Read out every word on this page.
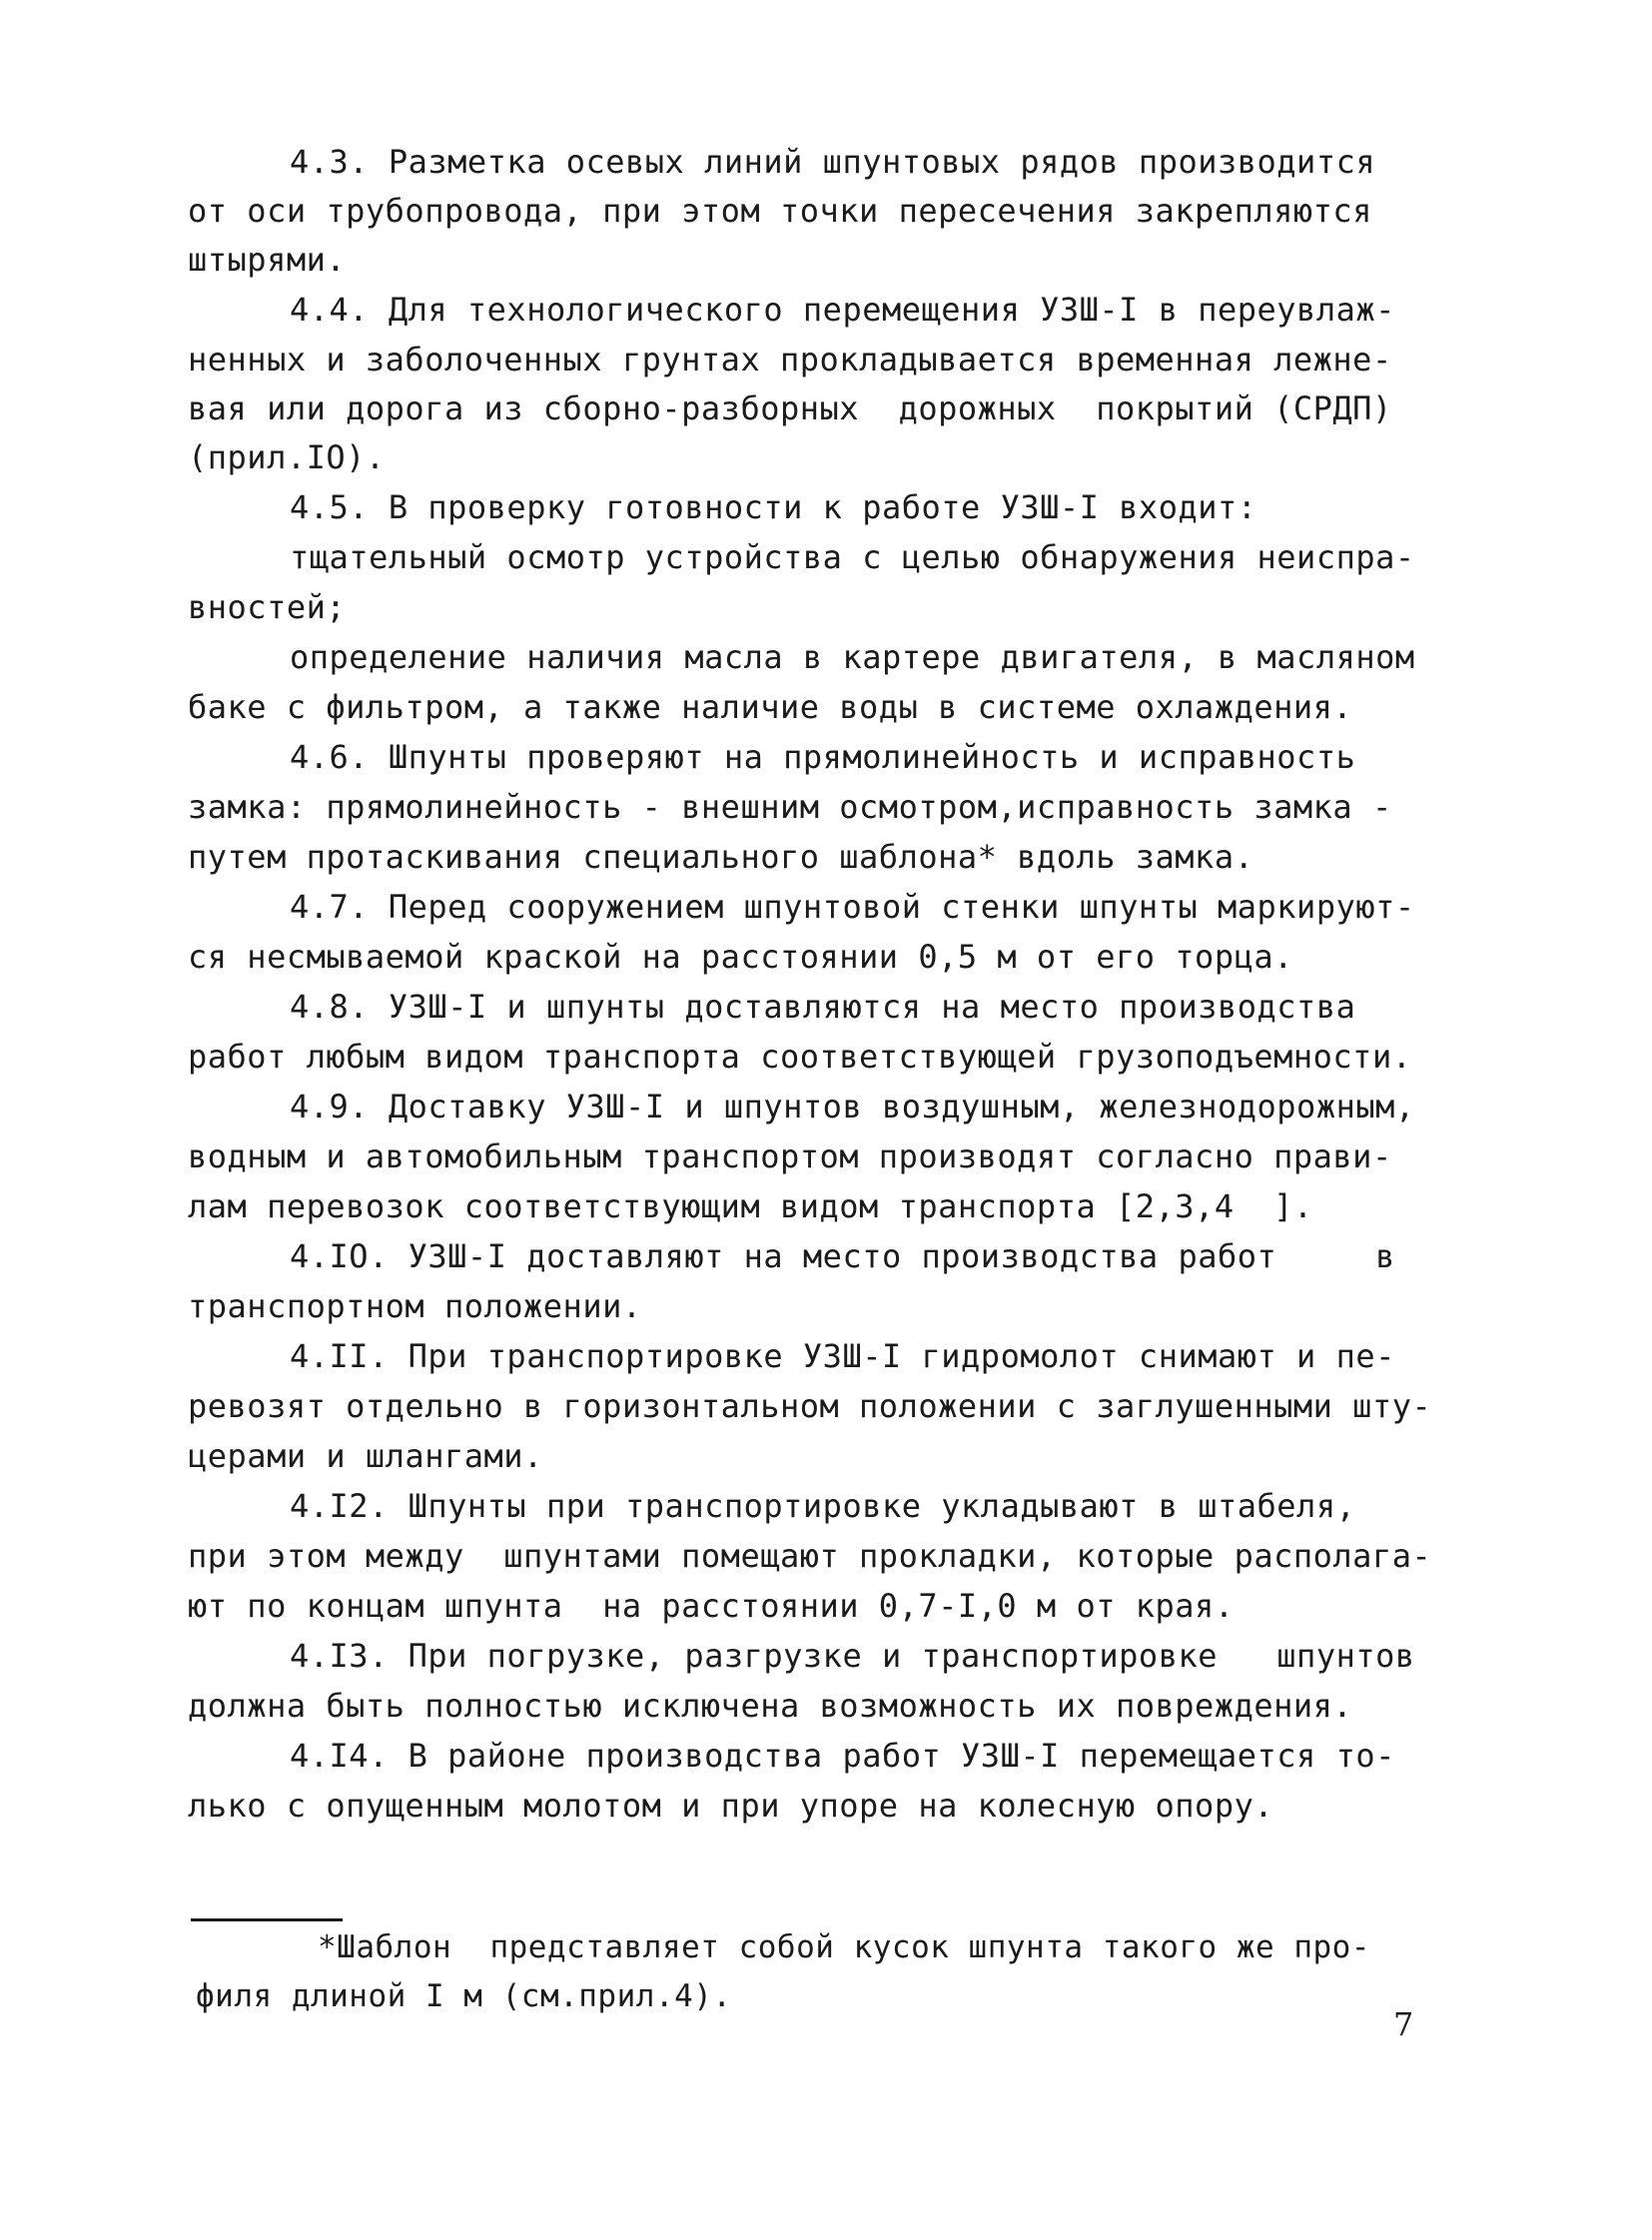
4.3. Разметка осевых линий шпунтовых рядов производится
от оси трубопровода, при этом точки пересечения закрепляются
штырями.
4.4. Для технологического перемещения УЗШ-I в переувлаж-
ненных и заболоченных грунтах прокладывается временная лежне-
вая или дорога из сборно-разборных  дорожных  покрытий (СРДП)
(прил.IO).
4.5. В проверку готовности к работе УЗШ-I входит:
тщательный осмотр устройства с целью обнаружения неиспра-
вностей;
определение наличия масла в картере двигателя, в масляном
баке с фильтром, а также наличие воды в системе охлаждения.
4.6. Шпунты проверяют на прямолинейность и исправность
замка: прямолинейность - внешним осмотром,исправность замка -
путем протаскивания специального шаблона* вдоль замка.
4.7. Перед сооружением шпунтовой стенки шпунты маркируют-
ся несмываемой краской на расстоянии 0,5 м от его торца.
4.8. УЗШ-I и шпунты доставляются на место производства
работ любым видом транспорта соответствующей грузоподъемности.
4.9. Доставку УЗШ-I и шпунтов воздушным, железнодорожным,
водным и автомобильным транспортом производят согласно прави-
лам перевозок соответствующим видом транспорта [2,3,4  ].
4.IO. УЗШ-I доставляют на место производства работ     в
транспортном положении.
4.II. При транспортировке УЗШ-I гидромолот снимают и пе-
ревозят отдельно в горизонтальном положении с заглушенными шту-
церами и шлангами.
4.I2. Шпунты при транспортировке укладывают в штабеля,
при этом между  шпунтами помещают прокладки, которые располага-
ют по концам шпунта  на расстоянии 0,7-I,0 м от края.
4.I3. При погрузке, разгрузке и транспортировке   шпунтов
должна быть полностью исключена возможность их повреждения.
4.I4. В районе производства работ УЗШ-I перемещается то-
лько с опущенным молотом и при упоре на колесную опору.
*Шаблон  представляет собой кусок шпунта такого же про-
филя длиной I м (см.прил.4).
7
